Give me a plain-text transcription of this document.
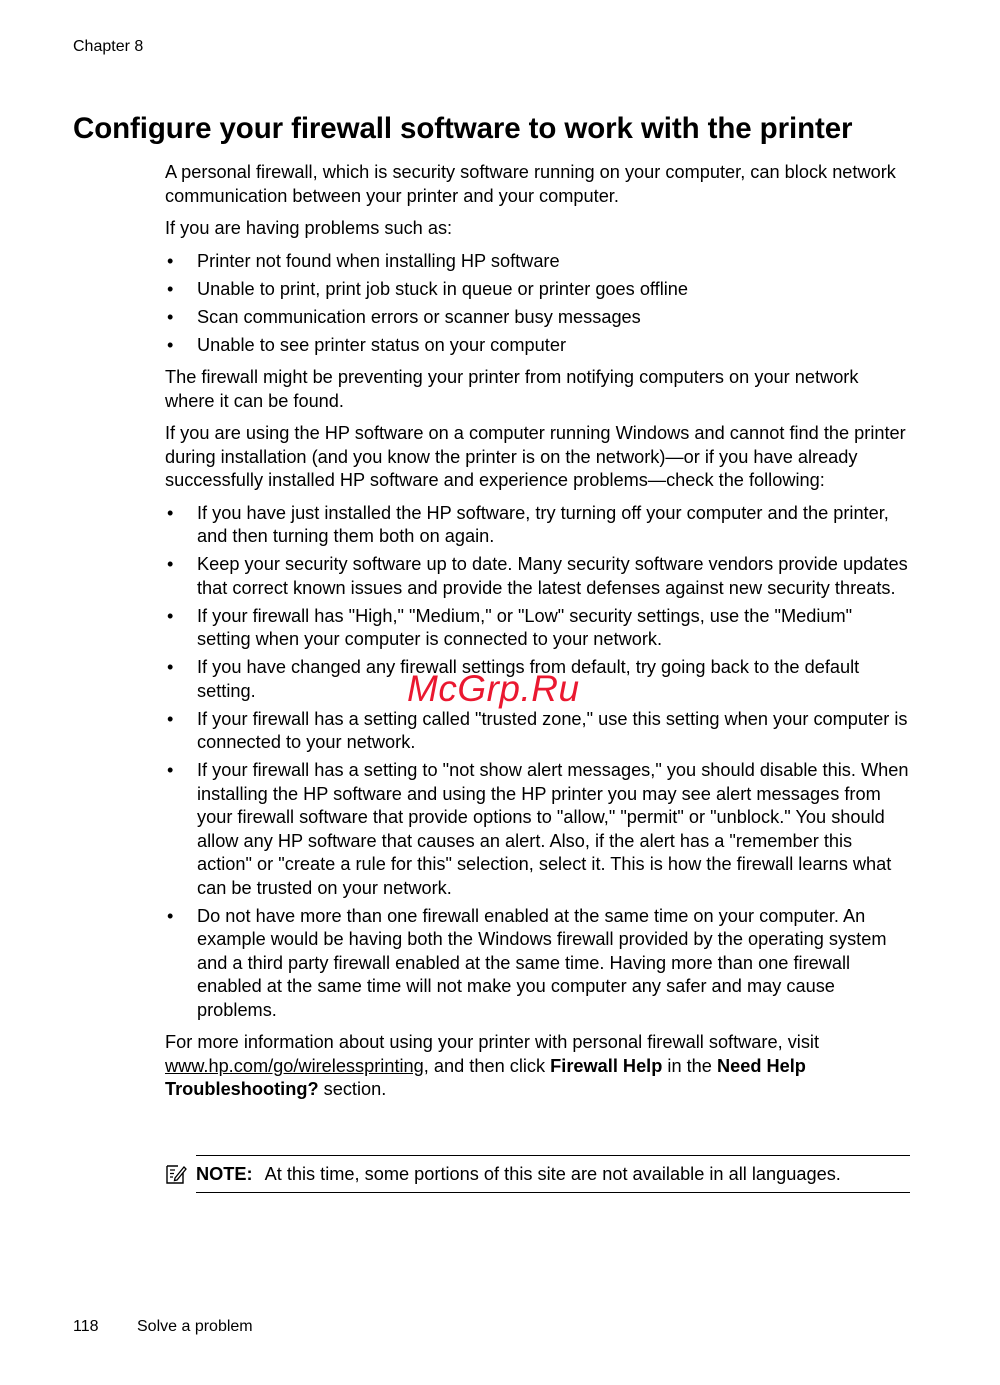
Chapter 8
Configure your firewall software to work with the printer

A personal firewall, which is security software running on your computer, can block network communication between your printer and your computer.

If you are having problems such as:

• Printer not found when installing HP software
• Unable to print, print job stuck in queue or printer goes offline
• Scan communication errors or scanner busy messages
• Unable to see printer status on your computer

The firewall might be preventing your printer from notifying computers on your network where it can be found.

If you are using the HP software on a computer running Windows and cannot find the printer during installation (and you know the printer is on the network)—or if you have already successfully installed HP software and experience problems—check the following:

• If you have just installed the HP software, try turning off your computer and the printer, and then turning them both on again.
• Keep your security software up to date. Many security software vendors provide updates that correct known issues and provide the latest defenses against new security threats.
• If your firewall has "High," "Medium," or "Low" security settings, use the "Medium" setting when your computer is connected to your network.
• If you have changed any firewall settings from default, try going back to the default setting.
• If your firewall has a setting called "trusted zone," use this setting when your computer is connected to your network.
• If your firewall has a setting to "not show alert messages," you should disable this. When installing the HP software and using the HP printer you may see alert messages from your firewall software that provide options to "allow," "permit" or "unblock." You should allow any HP software that causes an alert. Also, if the alert has a "remember this action" or "create a rule for this" selection, select it. This is how the firewall learns what can be trusted on your network.
• Do not have more than one firewall enabled at the same time on your computer. An example would be having both the Windows firewall provided by the operating system and a third party firewall enabled at the same time. Having more than one firewall enabled at the same time will not make you computer any safer and may cause problems.

For more information about using your printer with personal firewall software, visit www.hp.com/go/wirelessprinting, and then click Firewall Help in the Need Help Troubleshooting? section.

NOTE: At this time, some portions of this site are not available in all languages.
McGrp.Ru
118 Solve a problem
